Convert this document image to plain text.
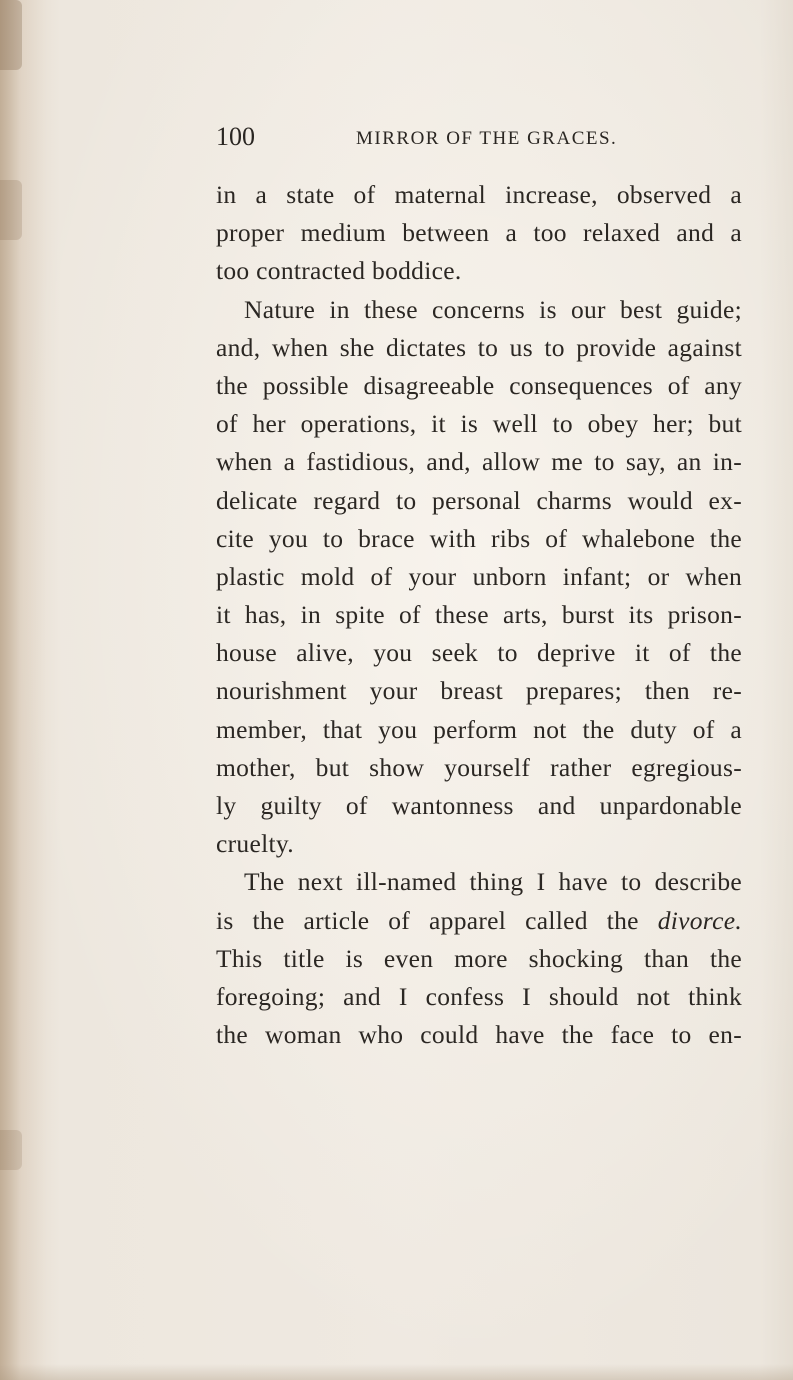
100	MIRROR OF THE GRACES.
in a state of maternal increase, observed a
proper medium between a too relaxed and a
too contracted boddice.
Nature in these concerns is our best guide;
and, when she dictates to us to provide against
the possible disagreeable consequences of any
of her operations, it is well to obey her; but
when a fastidious, and, allow me to say, an in-
delicate regard to personal charms would ex-
cite you to brace with ribs of whalebone the
plastic mold of your unborn infant; or when
it has, in spite of these arts, burst its prison-
house alive, you seek to deprive it of the
nourishment your breast prepares; then re-
member, that you perform not the duty of a
mother, but show yourself rather egregious-
ly guilty of wantonness and unpardonable
cruelty.
The next ill-named thing I have to describe
is the article of apparel called the divorce.
This title is even more shocking than the
foregoing; and I confess I should not think
the woman who could have the face to en-
